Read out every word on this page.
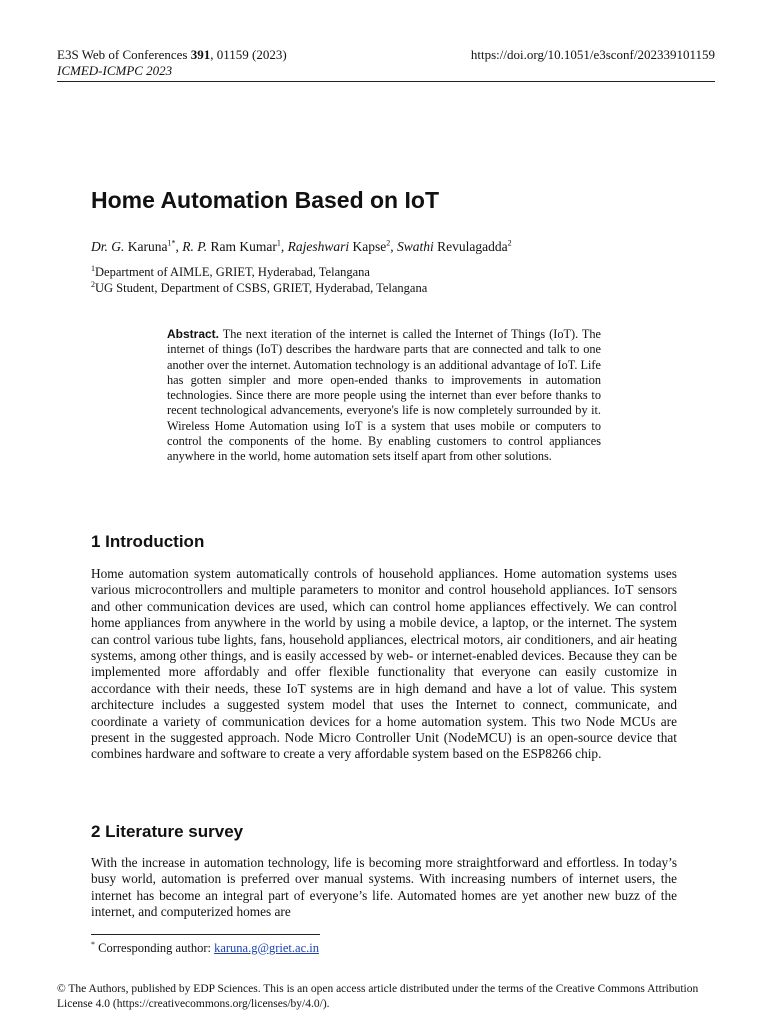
E3S Web of Conferences 391, 01159 (2023)
ICMED-ICMPC 2023
https://doi.org/10.1051/e3sconf/202339101159
Home Automation Based on IoT
Dr. G. Karuna$^{1*}$, R. P. Ram Kumar$^1$, Rajeshwari Kapse$^2$, Swathi Revulagadda$^2$
$^1$Department of AIMLE, GRIET, Hyderabad, Telangana
$^2$UG Student, Department of CSBS, GRIET, Hyderabad, Telangana

Abstract. The next iteration of the internet is called the Internet of Things (IoT). The internet of things (IoT) describes the hardware parts that are connected and talk to one another over the internet. Automation technology is an additional advantage of IoT. Life has gotten simpler and more open-ended thanks to improvements in automation technologies. Since there are more people using the internet than ever before thanks to recent technological advancements, everyone's life is now completely surrounded by it. Wireless Home Automation using IoT is a system that uses mobile or computers to control the components of the home. By enabling customers to control appliances anywhere in the world, home automation sets itself apart from other solutions.

1 Introduction

Home automation system automatically controls of household appliances. Home automation systems uses various microcontrollers and multiple parameters to monitor and control household appliances. IoT sensors and other communication devices are used, which can control home appliances effectively. We can control home appliances from anywhere in the world by using a mobile device, a laptop, or the internet. The system can control various tube lights, fans, household appliances, electrical motors, air conditioners, and air heating systems, among other things, and is easily accessed by web- or internet-enabled devices. Because they can be implemented more affordably and offer flexible functionality that everyone can easily customize in accordance with their needs, these IoT systems are in high demand and have a lot of value. This system architecture includes a suggested system model that uses the Internet to connect, communicate, and coordinate a variety of communication devices for a home automation system. This two Node MCUs are present in the suggested approach. Node Micro Controller Unit (NodeMCU) is an open-source device that combines hardware and software to create a very affordable system based on the ESP8266 chip.

2 Literature survey

With the increase in automation technology, life is becoming more straightforward and effortless. In today’s busy world, automation is preferred over manual systems. With increasing numbers of internet users, the internet has become an integral part of everyone’s life. Automated homes are yet another new buzz of the internet, and computerized homes are

* Corresponding author: karuna.g@griet.ac.in

© The Authors, published by EDP Sciences. This is an open access article distributed under the terms of the Creative Commons Attribution License 4.0 (https://creativecommons.org/licenses/by/4.0/).
